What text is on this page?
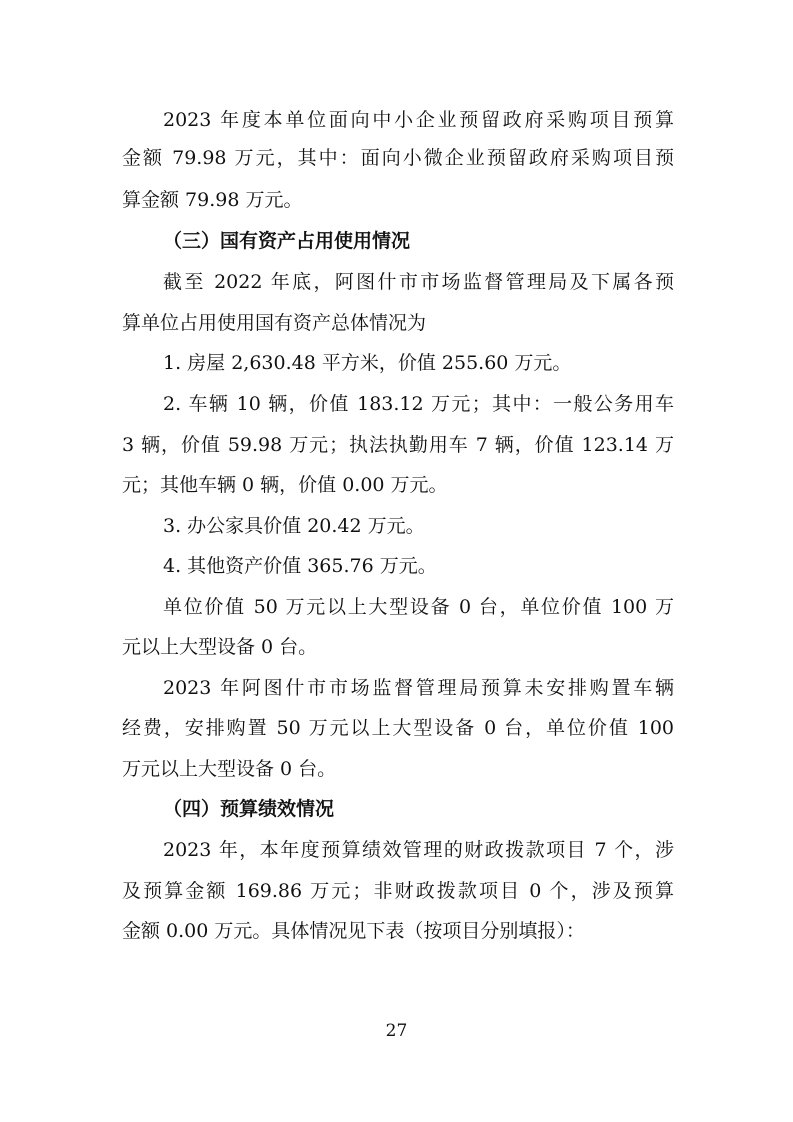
2023 年度本单位面向中小企业预留政府采购项目预算
金额 79.98 万元，其中：面向小微企业预留政府采购项目预
算金额 79.98 万元。
（三）国有资产占用使用情况
截至 2022 年底，阿图什市市场监督管理局及下属各预
算单位占用使用国有资产总体情况为
1. 房屋 2,630.48 平方米，价值 255.60 万元。
2. 车辆 10 辆，价值 183.12 万元；其中：一般公务用车
3 辆，价值 59.98 万元；执法执勤用车 7 辆，价值 123.14 万
元；其他车辆 0 辆，价值 0.00 万元。
3. 办公家具价值 20.42 万元。
4. 其他资产价值 365.76 万元。
单位价值 50 万元以上大型设备 0 台，单位价值 100 万
元以上大型设备 0 台。
2023 年阿图什市市场监督管理局预算未安排购置车辆
经费，安排购置 50 万元以上大型设备 0 台，单位价值 100
万元以上大型设备 0 台。
（四）预算绩效情况
2023 年，本年度预算绩效管理的财政拨款项目 7 个，涉
及预算金额 169.86 万元；非财政拨款项目 0 个，涉及预算
金额 0.00 万元。具体情况见下表（按项目分别填报）：
27
